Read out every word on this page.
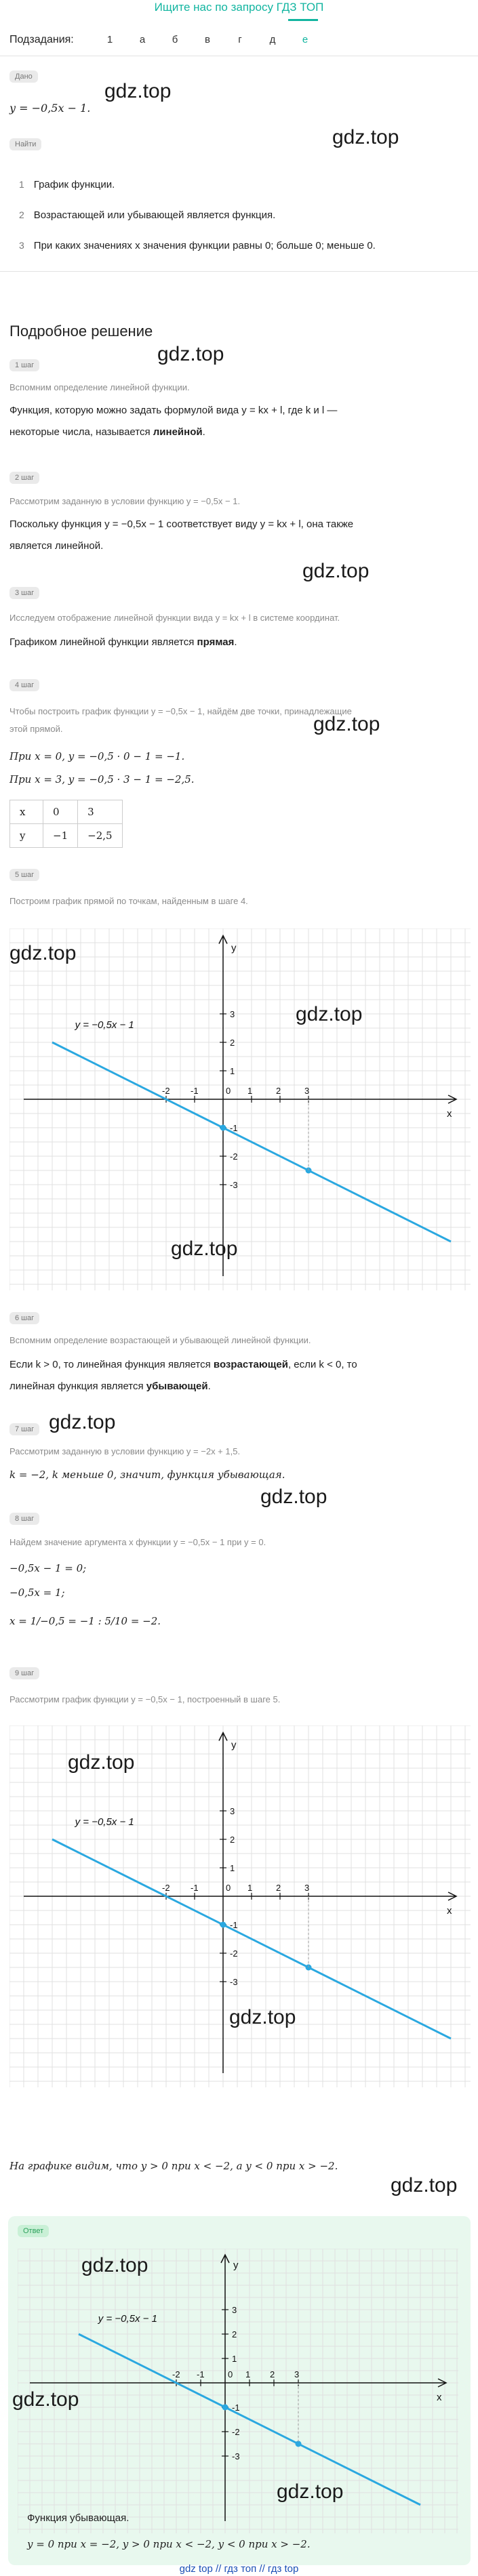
Ищите нас по запросу ГДЗ ТОП
Подзадания:	1	а	б	в	г	д	е
Дано
gdz.top
y = −0,5x − 1.
gdz.top
Найти
1 График функции.
2 Возрастающей или убывающей является функция.
3 При каких значениях x значения функции равны 0; больше 0; меньше 0.
Подробное решение
1 шаг	gdz.top
Вспомним определение линейной функции.
Функция, которую можно задать формулой вида y = kx + l, где k и l —
некоторые числа, называется линейной.
2 шаг
Рассмотрим заданную в условии функцию y = −0,5x − 1.
Поскольку функция y = −0,5x − 1 соответствует виду y = kx + l, она также
является линейной.
gdz.top
3 шаг
Исследуем отображение линейной функции вида y = kx + l в системе координат.
Графиком линейной функции является прямая.
4 шаг
Чтобы построить график функции y = −0,5x − 1, найдём две точки, принадлежащие
этой прямой.	gdz.top
При x = 0, y = −0,5 · 0 − 1 = −1.
При x = 3, y = −0,5 · 3 − 1 = −2,5.
x	0	3
y	−1	−2,5
5 шаг
Построим график прямой по точкам, найденным в шаге 4.
x
y
-2 -1	0 1	2	3
3
2
1
-1
-2
-3
y = −0,5x − 1
gdz.top
gdz.top
gdz.top
6 шаг
Вспомним определение возрастающей и убывающей линейной функции.
Если k > 0, то линейная функция является возрастающей, если k < 0, то
линейная функция является убывающей.
7 шаг gdz.top
Рассмотрим заданную в условии функцию y = −2x + 1,5.
k = −2, k меньше 0, значит, функция убывающая.
gdz.top
8 шаг
Найдем значение аргумента x функции y = −0,5x − 1 при y = 0.
−0,5x − 1 = 0;
−0,5x = 1;
x = 1/−0,5 = −1 : 5/10 = −2.
9 шаг
Рассмотрим график функции y = −0,5x − 1, построенный в шаге 5.
x
y
-2 -1	0 1	2	3
3
2
1
-1
-2
-3
y = −0,5x − 1
gdz.top
gdz.top
На графике видим, что y > 0 при x < −2, а y < 0 при x > −2.
gdz.top
Ответ
x
y
-2 -1	0 1 2 3
3
2
1
-1
-2
-3
y = −0,5x − 1
gdz.top
gdz.top
gdz.top
Функция убывающая.
y = 0 при x = −2, y > 0 при x < −2, y < 0 при x > −2.
gdz top // гдз топ // гдз top
